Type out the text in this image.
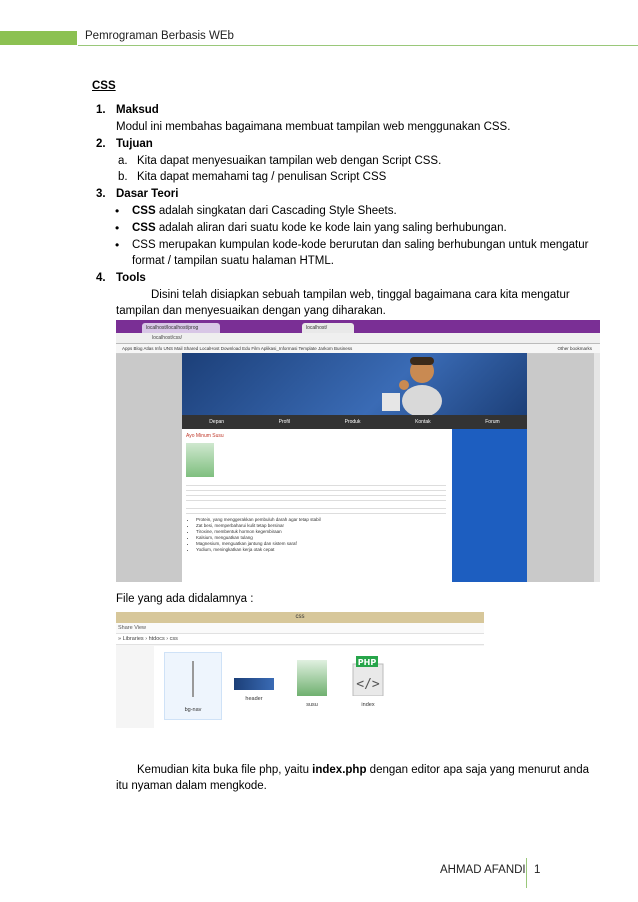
Pemrograman Berbasis WEb
CSS
1. Maksud
Modul ini membahas bagaimana membuat tampilan web menggunakan CSS.
2. Tujuan
a. Kita dapat menyesuaikan tampilan web dengan Script CSS.
b. Kita dapat memahami tag / penulisan Script CSS
3. Dasar Teori
• CSS adalah singkatan dari Cascading Style Sheets.
• CSS adalah aliran dari suatu kode ke kode lain yang saling berhubungan.
• CSS merupakan kumpulan kode-kode berurutan dan saling berhubungan untuk mengatur
format / tampilan suatu halaman HTML.
4. Tools
Disini telah disiapkan sebuah tampilan web, tinggal bagaimana cara kita mengatur
tampilan dan menyesuaikan dengan yang diharakan.
localhost/localhost/prog	localhost/
localhost/css/
Apps Blog Atlas Info UNS Mail Shared LocalHost Download Edu Film Aplikasi_Informasi Template Jarkom Business	Other bookmarks
Depan	Profil	Produk	Kontak	Forum
Ayo Minum Susu
• Protein, yang menggerakkan pembuluh darah agar tetap stabil
• Zat besi, memperbaharui kulit tetap bersinar
• Tiroxine, membentuk hormon kegembiraan
• Kalsium, menguatkan tulang
• Magnesium, menguatkan jantung dan sistem saraf
• Yodium, meningkatkan kerja otak cepat
File yang ada didalamnya :
css
Share View
» Libraries › htdocs › css
bg-nav
header
susu
PHP
</>
index
Kemudian kita buka file php, yaitu index.php dengan editor apa saja yang menurut anda
itu nyaman dalam mengkode.
AHMAD AFANDI 1
